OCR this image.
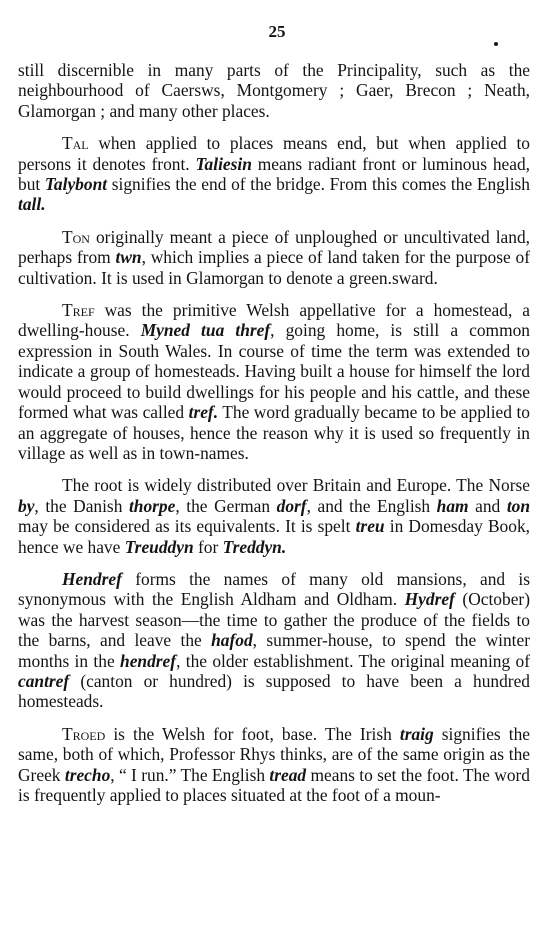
25

still discernible in many parts of the Principality, such as the neighbourhood of Caersws, Montgomery ; Gaer, Brecon ; Neath, Glamorgan ; and many other places.

Tal when applied to places means end, but when applied to persons it denotes front. Taliesin means radiant front or luminous head, but Talybont signifies the end of the bridge. From this comes the English tall.

Ton originally meant a piece of unploughed or uncultivated land, perhaps from twn, which implies a piece of land taken for the purpose of cultivation. It is used in Glamorgan to denote a green.sward.

Tref was the primitive Welsh appellative for a homestead, a dwelling-house. Myned tua thref, going home, is still a common expression in South Wales. In course of time the term was extended to indicate a group of homesteads. Having built a house for himself the lord would proceed to build dwellings for his people and his cattle, and these formed what was called tref. The word gradually became to be applied to an aggregate of houses, hence the reason why it is used so frequently in village as well as in town-names.

The root is widely distributed over Britain and Europe. The Norse by, the Danish thorpe, the German dorf, and the English ham and ton may be considered as its equivalents. It is spelt treu in Domesday Book, hence we have Treuddyn for Treddyn.

Hendref forms the names of many old mansions, and is synonymous with the English Aldham and Oldham. Hydref (October) was the harvest season—the time to gather the produce of the fields to the barns, and leave the hafod, summer-house, to spend the winter months in the hendref, the older establishment. The original meaning of cantref (canton or hundred) is supposed to have been a hundred homesteads.

Troed is the Welsh for foot, base. The Irish traig signifies the same, both of which, Professor Rhys thinks, are of the same origin as the Greek trecho, “ I run.” The English tread means to set the foot. The word is frequently applied to places situated at the foot of a moun-
